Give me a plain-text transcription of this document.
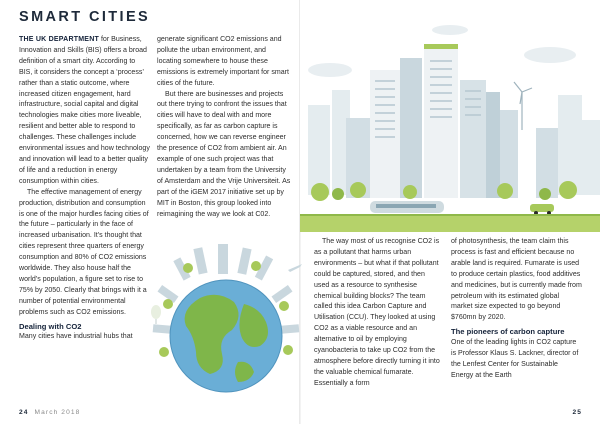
SMART CITIES

THE UK DEPARTMENT for Business, Innovation and Skills (BIS) offers a broad definition of a smart city. According to BIS, it considers the concept a ‘process’ rather than a static outcome, where increased citizen engagement, hard infrastructure, social capital and digital technologies make cities more liveable, resilient and better able to respond to challenges. These challenges include environmental issues and how technology and innovation will lead to a better quality of life and a reduction in energy consumption within cities.

The effective management of energy production, distribution and consumption is one of the major hurdles facing cities of the future – particularly in the face of increased urbanisation. It’s thought that cities represent three quarters of energy consumption and 80% of CO2 emissions worldwide. They also house half the world’s population, a figure set to rise to 75% by 2050. Clearly that brings with it a number of potential environmental problems such as CO2 emissions.

Dealing with CO2

Many cities have industrial hubs that

generate significant CO2 emissions and pollute the urban environment, and locating somewhere to house these emissions is extremely important for smart cities of the future.

But there are businesses and projects out there trying to confront the issues that cities will have to deal with and more specifically, as far as carbon capture is concerned, how we can reverse engineer the presence of CO2 from ambient air. An example of one such project was that undertaken by a team from the University of Amsterdam and the Vrije Universiteit. As part of the iGEM 2017 initiative set up by MIT in Boston, this group looked into reimagining the way we look at C02.

The way most of us recognise CO2 is as a pollutant that harms urban environments – but what if that pollutant could be captured, stored, and then used as a resource to synthesise chemical building blocks? The team called this idea Carbon Capture and Utilisation (CCU). They looked at using CO2 as a viable resource and an alternative to oil by employing cyanobacteria to take up CO2 from the atmosphere before directly turning it into the valuable chemical fumarate. Essentially a form

of photosynthesis, the team claim this process is fast and efficient because no arable land is required. Fumarate is used to produce certain plastics, food additives and medicines, but is currently made from petroleum with its estimated global market size expected to go beyond $760mn by 2020.

The pioneers of carbon capture

One of the leading lights in CO2 capture is Professor Klaus S. Lackner, director of the Lenfest Center for Sustainable Energy at the Earth

24 March 2018	25
